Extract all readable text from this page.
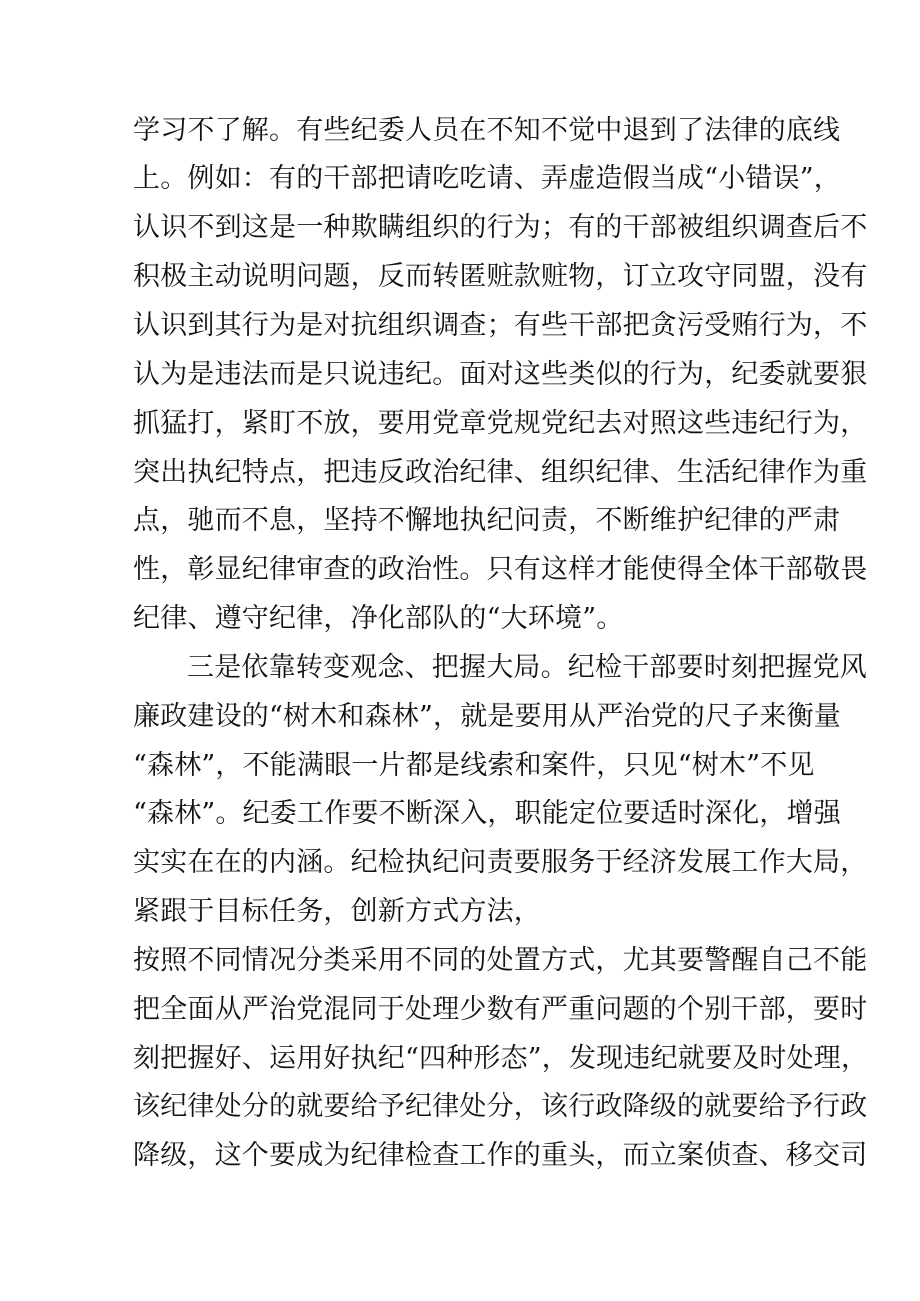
学习不了解。有些纪委人员在不知不觉中退到了法律的底线
上。例如：有的干部把请吃吃请、弄虚造假当成“小错误”，
认识不到这是一种欺瞒组织的行为；有的干部被组织调查后不
积极主动说明问题，反而转匿赃款赃物，订立攻守同盟，没有
认识到其行为是对抗组织调查；有些干部把贪污受贿行为，不
认为是违法而是只说违纪。面对这些类似的行为，纪委就要狠
抓猛打，紧盯不放，要用党章党规党纪去对照这些违纪行为，
突出执纪特点，把违反政治纪律、组织纪律、生活纪律作为重
点，驰而不息，坚持不懈地执纪问责，不断维护纪律的严肃
性，彰显纪律审查的政治性。只有这样才能使得全体干部敬畏
纪律、遵守纪律，净化部队的“大环境”。
三是依靠转变观念、把握大局。纪检干部要时刻把握党风
廉政建设的“树木和森林”，就是要用从严治党的尺子来衡量
“森林”，不能满眼一片都是线索和案件，只见“树木”不见
“森林”。纪委工作要不断深入，职能定位要适时深化，增强
实实在在的内涵。纪检执纪问责要服务于经济发展工作大局，
紧跟于目标任务，创新方式方法，
按照不同情况分类采用不同的处置方式，尤其要警醒自己不能
把全面从严治党混同于处理少数有严重问题的个别干部，要时
刻把握好、运用好执纪“四种形态”，发现违纪就要及时处理，
该纪律处分的就要给予纪律处分，该行政降级的就要给予行政
降级，这个要成为纪律检查工作的重头，而立案侦查、移交司
